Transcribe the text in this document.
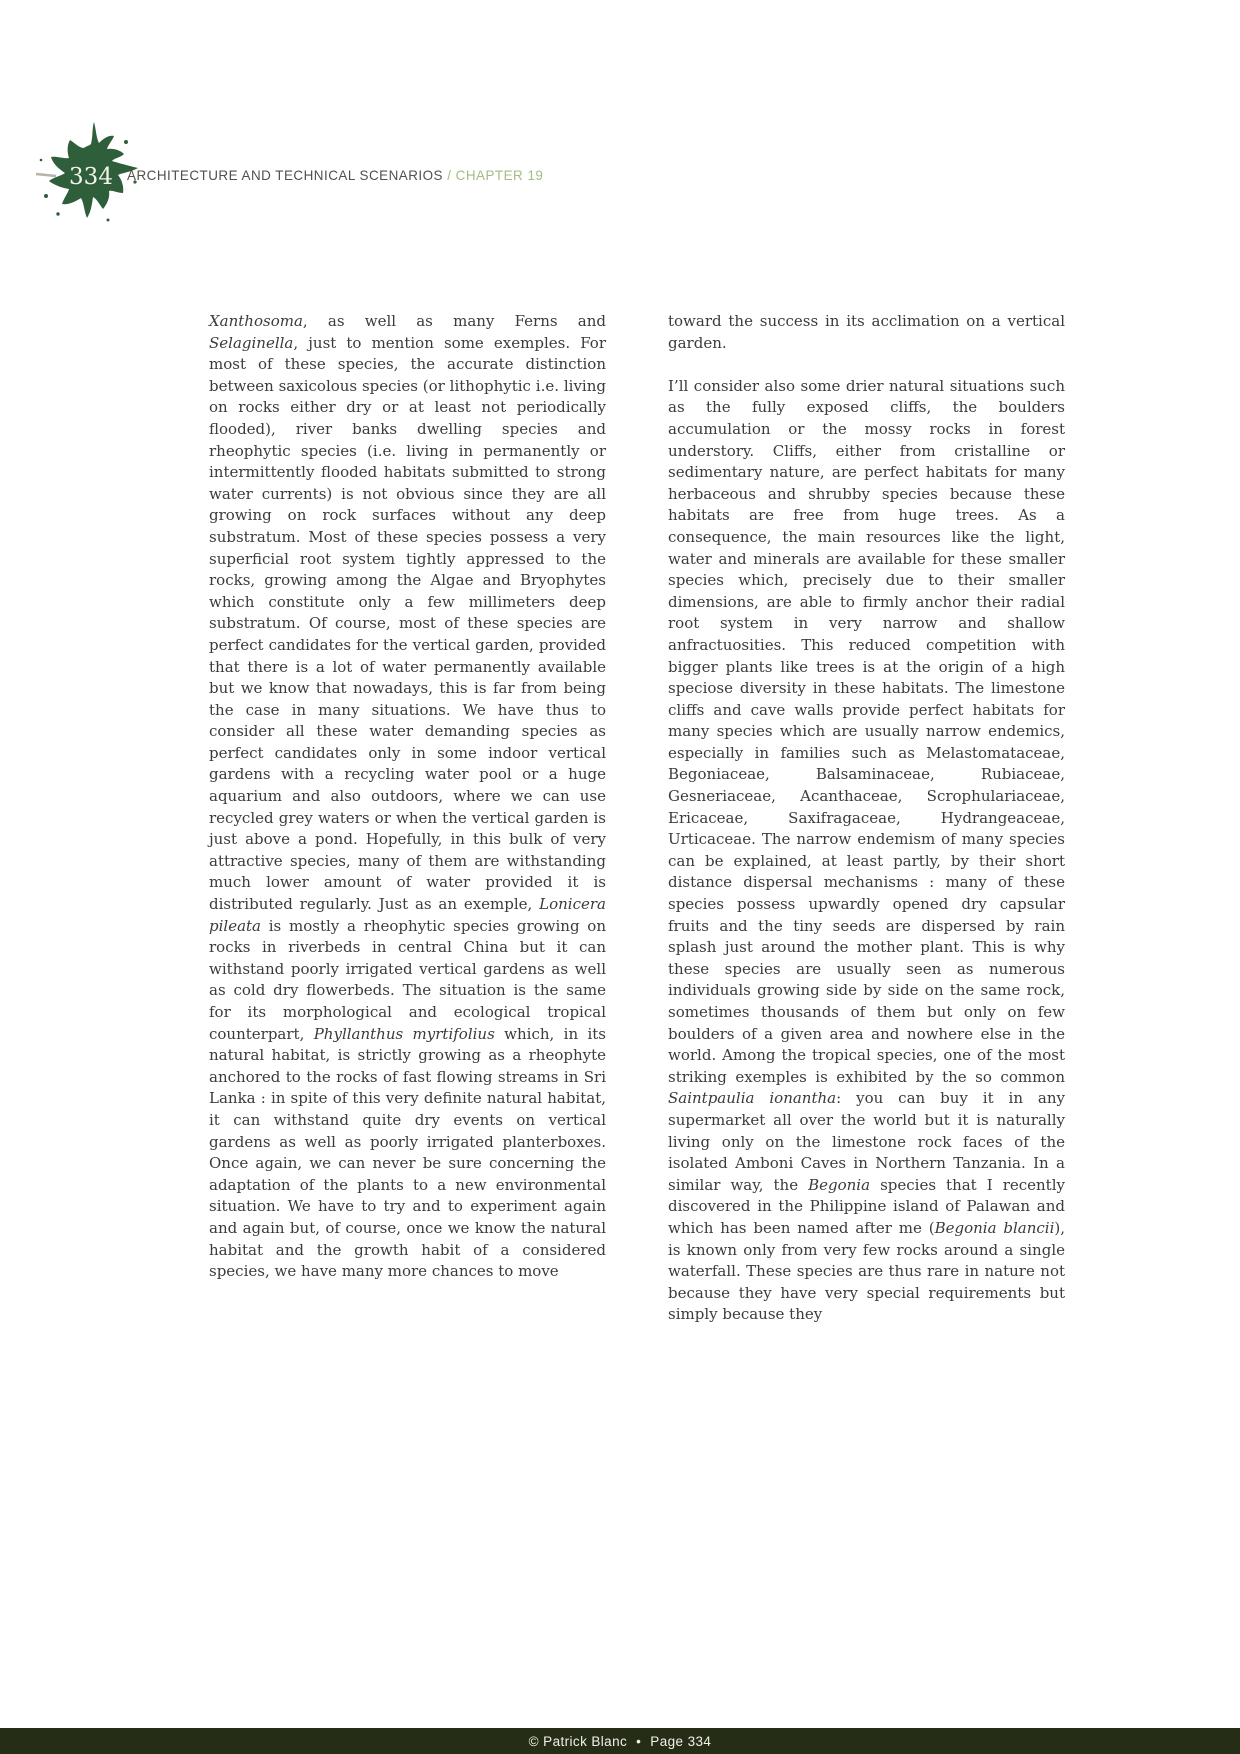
334 ARCHITECTURE AND TECHNICAL SCENARIOS / CHAPTER 19

Xanthosoma, as well as many Ferns and Selaginella, just to mention some exemples. For most of these species, the accurate distinction between saxicolous species (or lithophytic i.e. living on rocks either dry or at least not periodically flooded), river banks dwelling species and rheophytic species (i.e. living in permanently or intermittently flooded habitats submitted to strong water currents) is not obvious since they are all growing on rock surfaces without any deep substratum. Most of these species possess a very superficial root system tightly appressed to the rocks, growing among the Algae and Bryophytes which constitute only a few millimeters deep substratum. Of course, most of these species are perfect candidates for the vertical garden, provided that there is a lot of water permanently available but we know that nowadays, this is far from being the case in many situations. We have thus to consider all these water demanding species as perfect candidates only in some indoor vertical gardens with a recycling water pool or a huge aquarium and also outdoors, where we can use recycled grey waters or when the vertical garden is just above a pond. Hopefully, in this bulk of very attractive species, many of them are withstanding much lower amount of water provided it is distributed regularly. Just as an exemple, Lonicera pileata is mostly a rheophytic species growing on rocks in riverbeds in central China but it can withstand poorly irrigated vertical gardens as well as cold dry flowerbeds. The situation is the same for its morphological and ecological tropical counterpart, Phyllanthus myrtifolius which, in its natural habitat, is strictly growing as a rheophyte anchored to the rocks of fast flowing streams in Sri Lanka : in spite of this very definite natural habitat, it can withstand quite dry events on vertical gardens as well as poorly irrigated planterboxes. Once again, we can never be sure concerning the adaptation of the plants to a new environmental situation. We have to try and to experiment again and again but, of course, once we know the natural habitat and the growth habit of a considered species, we have many more chances to move

toward the success in its acclimation on a vertical garden.

I’ll consider also some drier natural situations such as the fully exposed cliffs, the boulders accumulation or the mossy rocks in forest understory. Cliffs, either from cristalline or sedimentary nature, are perfect habitats for many herbaceous and shrubby species because these habitats are free from huge trees. As a consequence, the main resources like the light, water and minerals are available for these smaller species which, precisely due to their smaller dimensions, are able to firmly anchor their radial root system in very narrow and shallow anfractuosities. This reduced competition with bigger plants like trees is at the origin of a high speciose diversity in these habitats. The limestone cliffs and cave walls provide perfect habitats for many species which are usually narrow endemics, especially in families such as Melastomataceae, Begoniaceae, Balsaminaceae, Rubiaceae, Gesneriaceae, Acanthaceae, Scrophulariaceae, Ericaceae, Saxifragaceae, Hydrangeaceae, Urticaceae. The narrow endemism of many species can be explained, at least partly, by their short distance dispersal mechanisms : many of these species possess upwardly opened dry capsular fruits and the tiny seeds are dispersed by rain splash just around the mother plant. This is why these species are usually seen as numerous individuals growing side by side on the same rock, sometimes thousands of them but only on few boulders of a given area and nowhere else in the world. Among the tropical species, one of the most striking exemples is exhibited by the so common Saintpaulia ionantha: you can buy it in any supermarket all over the world but it is naturally living only on the limestone rock faces of the isolated Amboni Caves in Northern Tanzania. In a similar way, the Begonia species that I recently discovered in the Philippine island of Palawan and which has been named after me (Begonia blancii), is known only from very few rocks around a single waterfall. These species are thus rare in nature not because they have very special requirements but simply because they

© Patrick Blanc • Page 334
